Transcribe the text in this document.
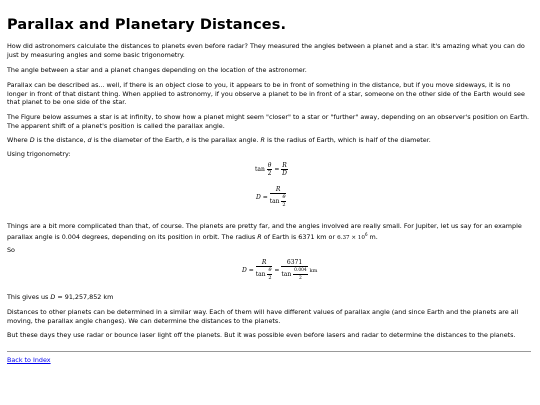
Parallax and Planetary Distances.

How did astronomers calculate the distances to planets even before radar? They measured the angles between a planet and a star. It's amazing what you can do just by measuring angles and some basic trigonometry.

The angle between a star and a planet changes depending on the location of the astronomer.

Parallax can be described as... well, if there is an object close to you, it appears to be in front of something in the distance, but if you move sideways, it is no longer in front of that distant thing. When applied to astronomy, if you observe a planet to be in front of a star, someone on the other side of the Earth would see that planet to be one side of the star.

The Figure below assumes a star is at infinity, to show how a planet might seem "closer" to a star or "further" away, depending on an observer's position on Earth. The apparent shift of a planet's position is called the parallax angle.

Where D is the distance, d is the diameter of the Earth, θ is the parallax angle. R is the radius of Earth, which is half of the diameter.

Using trigonometry:

$\tan \frac{\theta}{2} = \frac{R}{D}$
$D = \frac{R}{\tan \frac{\theta}{2}}$

Things are a bit more complicated than that, of course. The planets are pretty far, and the angles involved are really small. For Jupiter, let us say for an example parallax angle is 0.004 degrees, depending on its position in orbit. The radius R of Earth is 6371 km or $6.37 \times 10^6$ m.

So

$D = \frac{R}{\tan \frac{\theta}{2}} = \frac{6371}{\tan \frac{0.004}{2}}$ km

This gives us D = 91,257,852 km

Distances to other planets can be determined in a similar way. Each of them will have different values of parallax angle (and since Earth and the planets are all moving, the parallax angle changes). We can determine the distances to the planets.

But these days they use radar or bounce laser light off the planets. But it was possible even before lasers and radar to determine the distances to the planets.

Back to Index
